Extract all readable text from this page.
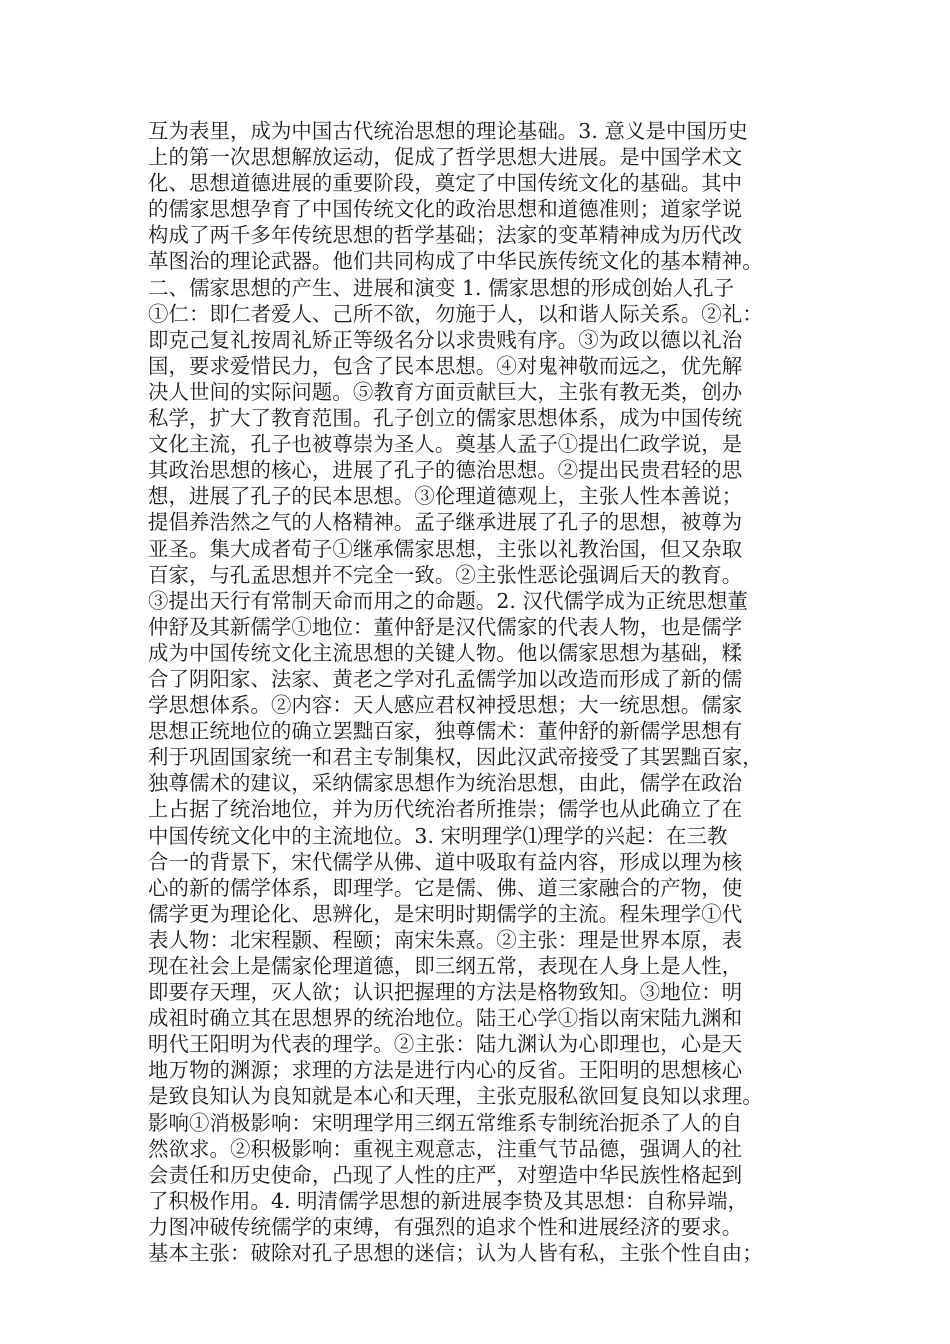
互为表里，成为中国古代统治思想的理论基础。3. 意义是中国历史
上的第一次思想解放运动，促成了哲学思想大进展。是中国学术文
化、思想道德进展的重要阶段，奠定了中国传统文化的基础。其中
的儒家思想孕育了中国传统文化的政治思想和道德准则；道家学说
构成了两千多年传统思想的哲学基础；法家的变革精神成为历代改
革图治的理论武器。他们共同构成了中华民族传统文化的基本精神。
二、儒家思想的产生、进展和演变 1. 儒家思想的形成创始人孔子
①仁：即仁者爱人、己所不欲，勿施于人，以和谐人际关系。②礼：
即克己复礼按周礼矫正等级名分以求贵贱有序。③为政以德以礼治
国，要求爱惜民力，包含了民本思想。④对鬼神敬而远之，优先解
决人世间的实际问题。⑤教育方面贡献巨大，主张有教无类，创办
私学，扩大了教育范围。孔子创立的儒家思想体系，成为中国传统
文化主流，孔子也被尊崇为圣人。奠基人孟子①提出仁政学说，是
其政治思想的核心，进展了孔子的德治思想。②提出民贵君轻的思
想，进展了孔子的民本思想。③伦理道德观上，主张人性本善说；
提倡养浩然之气的人格精神。孟子继承进展了孔子的思想，被尊为
亚圣。集大成者荀子①继承儒家思想，主张以礼教治国，但又杂取
百家，与孔孟思想并不完全一致。②主张性恶论强调后天的教育。
③提出天行有常制天命而用之的命题。2. 汉代儒学成为正统思想董
仲舒及其新儒学①地位：董仲舒是汉代儒家的代表人物，也是儒学
成为中国传统文化主流思想的关键人物。他以儒家思想为基础，糅
合了阴阳家、法家、黄老之学对孔孟儒学加以改造而形成了新的儒
学思想体系。②内容：天人感应君权神授思想；大一统思想。儒家
思想正统地位的确立罢黜百家，独尊儒术：董仲舒的新儒学思想有
利于巩固国家统一和君主专制集权，因此汉武帝接受了其罢黜百家，
独尊儒术的建议，采纳儒家思想作为统治思想，由此，儒学在政治
上占据了统治地位，并为历代统治者所推崇；儒学也从此确立了在
中国传统文化中的主流地位。3. 宋明理学⑴理学的兴起：在三教
合一的背景下，宋代儒学从佛、道中吸取有益内容，形成以理为核
心的新的儒学体系，即理学。它是儒、佛、道三家融合的产物，使
儒学更为理论化、思辨化，是宋明时期儒学的主流。程朱理学①代
表人物：北宋程颢、程颐；南宋朱熹。②主张：理是世界本原，表
现在社会上是儒家伦理道德，即三纲五常，表现在人身上是人性，
即要存天理，灭人欲；认识把握理的方法是格物致知。③地位：明
成祖时确立其在思想界的统治地位。陆王心学①指以南宋陆九渊和
明代王阳明为代表的理学。②主张：陆九渊认为心即理也，心是天
地万物的渊源；求理的方法是进行内心的反省。王阳明的思想核心
是致良知认为良知就是本心和天理，主张克服私欲回复良知以求理。
影响①消极影响：宋明理学用三纲五常维系专制统治扼杀了人的自
然欲求。②积极影响：重视主观意志，注重气节品德，强调人的社
会责任和历史使命，凸现了人性的庄严，对塑造中华民族性格起到
了积极作用。4. 明清儒学思想的新进展李贽及其思想：自称异端，
力图冲破传统儒学的束缚，有强烈的追求个性和进展经济的要求。
基本主张：破除对孔子思想的迷信；认为人皆有私，主张个性自由；
